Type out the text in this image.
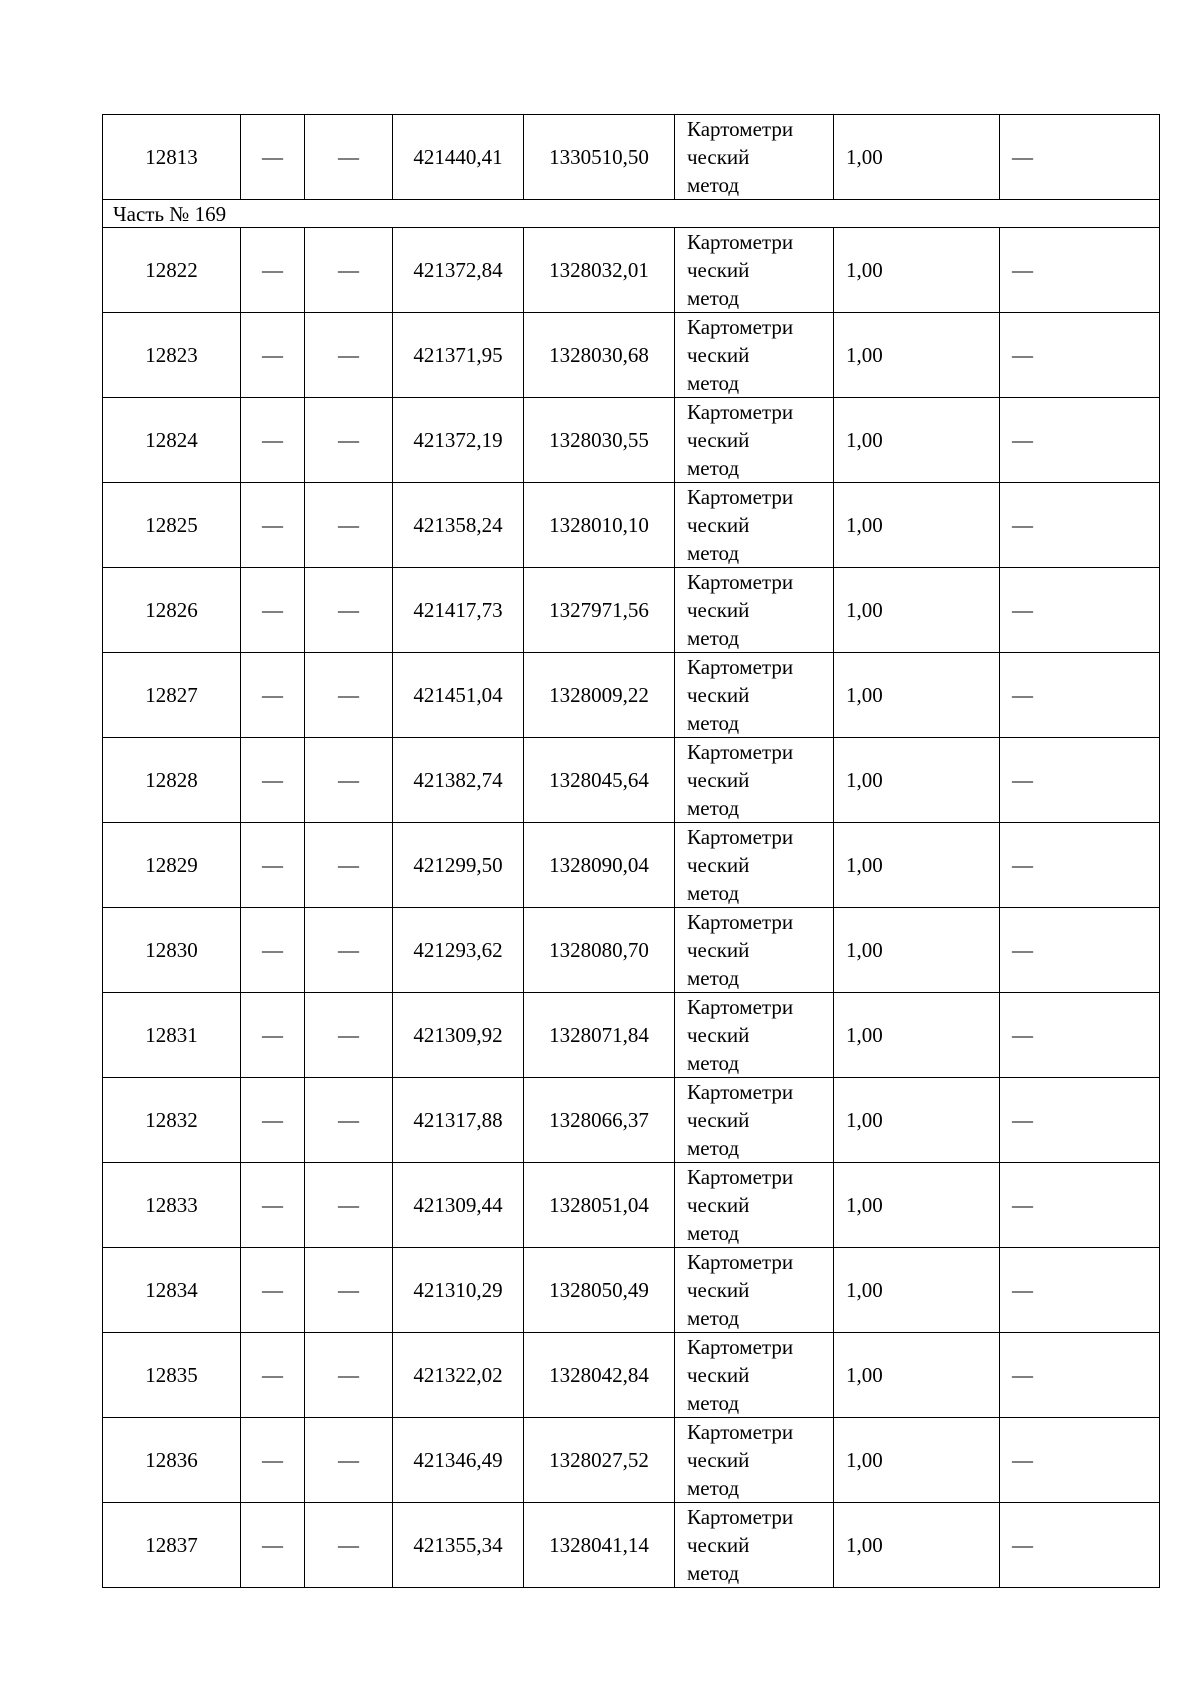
12813	—	—	421440,41	1330510,50	Картометри
ческий
метод	1,00	—
Часть № 169							
12822	—	—	421372,84	1328032,01	Картометри
ческий
метод	1,00	—
12823	—	—	421371,95	1328030,68	Картометри
ческий
метод	1,00	—
12824	—	—	421372,19	1328030,55	Картометри
ческий
метод	1,00	—
12825	—	—	421358,24	1328010,10	Картометри
ческий
метод	1,00	—
12826	—	—	421417,73	1327971,56	Картометри
ческий
метод	1,00	—
12827	—	—	421451,04	1328009,22	Картометри
ческий
метод	1,00	—
12828	—	—	421382,74	1328045,64	Картометри
ческий
метод	1,00	—
12829	—	—	421299,50	1328090,04	Картометри
ческий
метод	1,00	—
12830	—	—	421293,62	1328080,70	Картометри
ческий
метод	1,00	—
12831	—	—	421309,92	1328071,84	Картометри
ческий
метод	1,00	—
12832	—	—	421317,88	1328066,37	Картометри
ческий
метод	1,00	—
12833	—	—	421309,44	1328051,04	Картометри
ческий
метод	1,00	—
12834	—	—	421310,29	1328050,49	Картометри
ческий
метод	1,00	—
12835	—	—	421322,02	1328042,84	Картометри
ческий
метод	1,00	—
12836	—	—	421346,49	1328027,52	Картометри
ческий
метод	1,00	—
12837	—	—	421355,34	1328041,14	Картометри
ческий
метод	1,00	—
